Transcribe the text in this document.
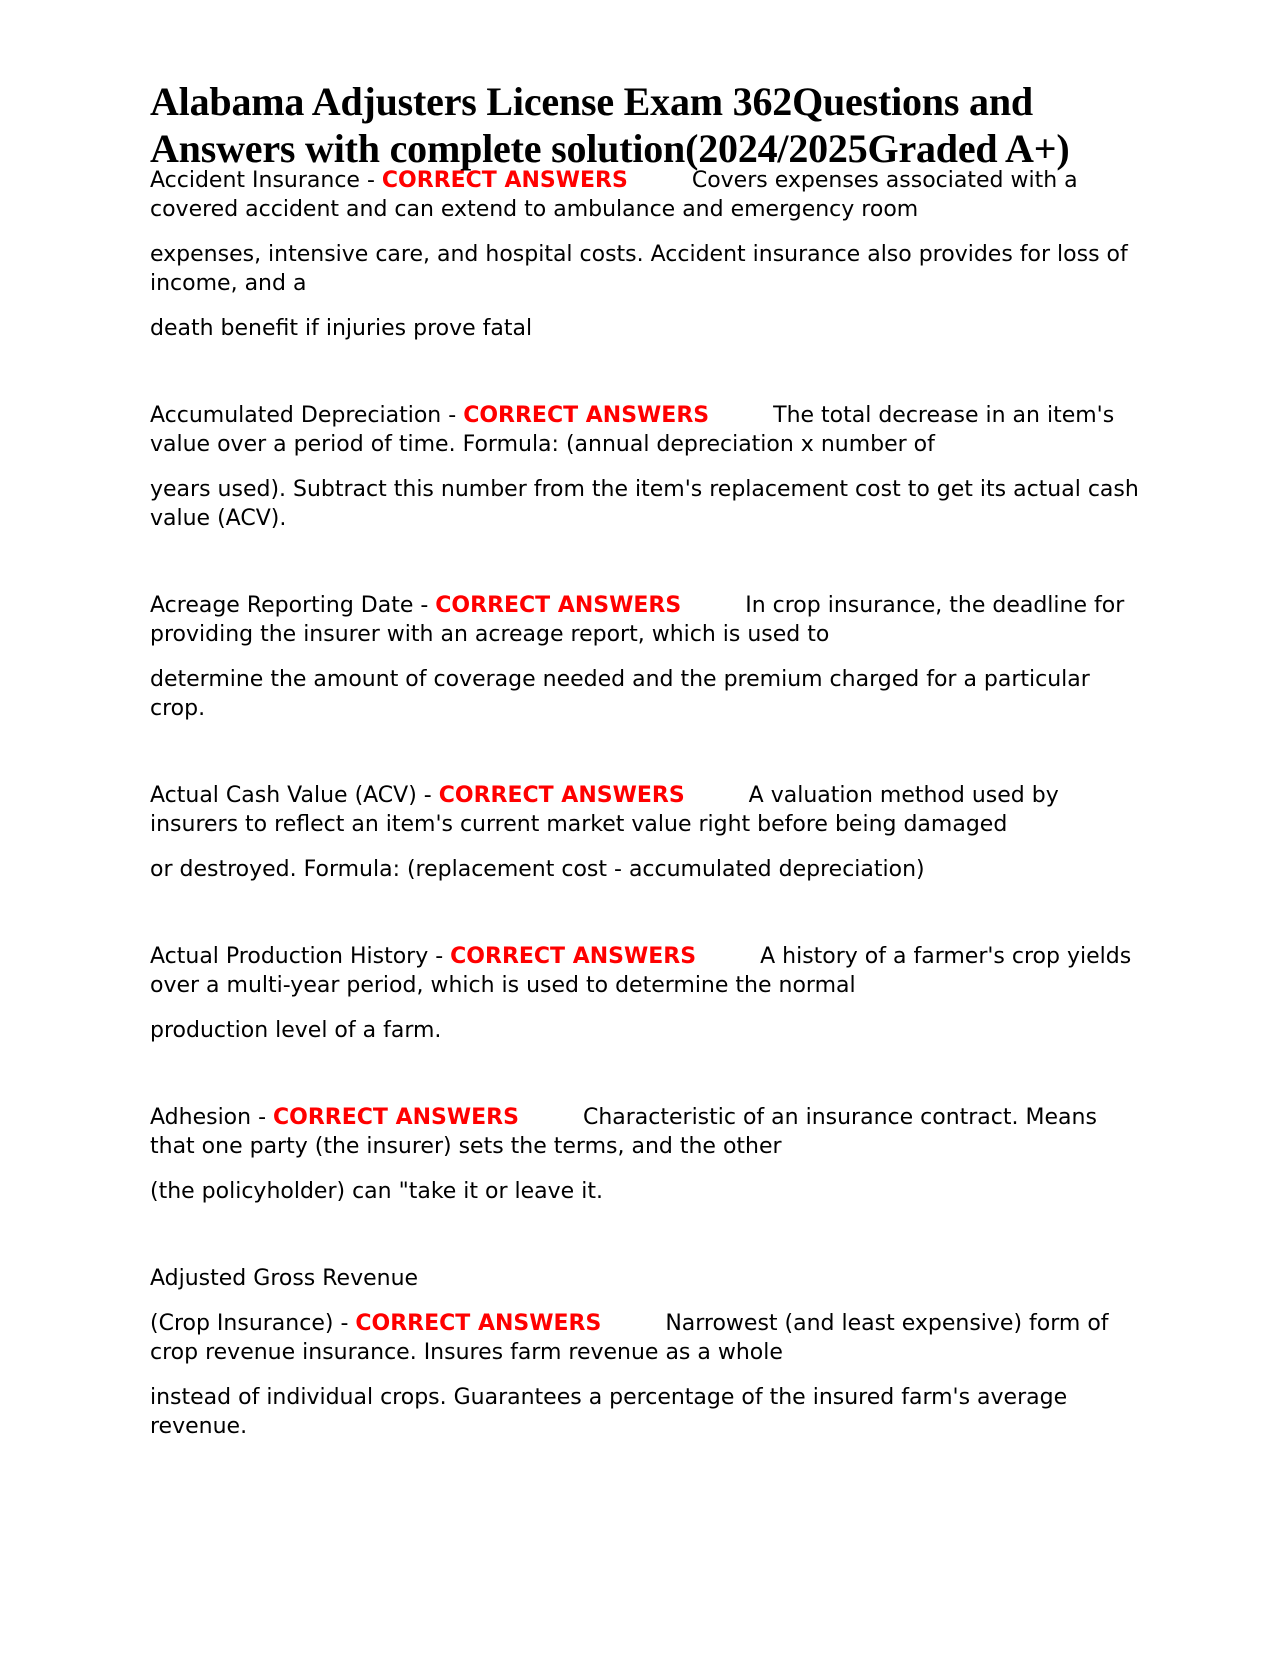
Alabama Adjusters License Exam 362Questions and
Answers with complete solution(2024/2025Graded A+)

Accident Insurance - CORRECT ANSWERS	Covers expenses associated with a covered accident and can extend to ambulance and emergency room

expenses, intensive care, and hospital costs. Accident insurance also provides for loss of income, and a

death benefit if injuries prove fatal

Accumulated Depreciation - CORRECT ANSWERS	The total decrease in an item's value over a period of time. Formula: (annual depreciation x number of

years used). Subtract this number from the item's replacement cost to get its actual cash value (ACV).

Acreage Reporting Date - CORRECT ANSWERS	In crop insurance, the deadline for providing the insurer with an acreage report, which is used to

determine the amount of coverage needed and the premium charged for a particular crop.

Actual Cash Value (ACV) - CORRECT ANSWERS	A valuation method used by insurers to reflect an item's current market value right before being damaged

or destroyed. Formula: (replacement cost - accumulated depreciation)

Actual Production History - CORRECT ANSWERS	A history of a farmer's crop yields over a multi-year period, which is used to determine the normal

production level of a farm.

Adhesion - CORRECT ANSWERS	Characteristic of an insurance contract. Means that one party (the insurer) sets the terms, and the other

(the policyholder) can "take it or leave it.

Adjusted Gross Revenue

(Crop Insurance) - CORRECT ANSWERS	Narrowest (and least expensive) form of crop revenue insurance. Insures farm revenue as a whole

instead of individual crops. Guarantees a percentage of the insured farm's average revenue.
